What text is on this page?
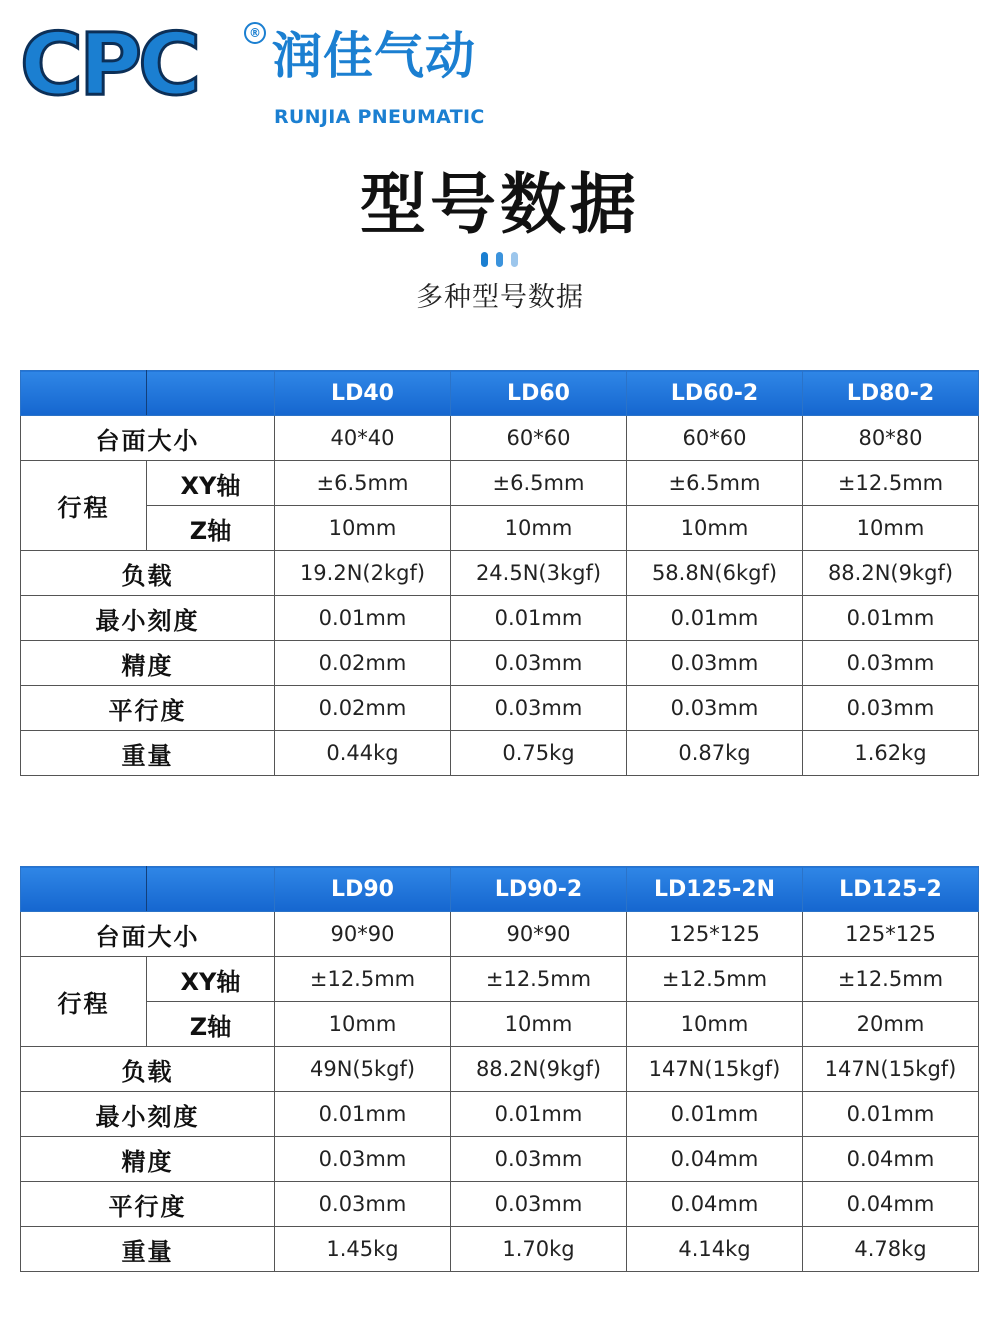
CPC	® 润佳气动
RUNJIA PNEUMATIC
型号数据
多种型号数据
		LD40	LD60	LD60-2	LD80-2
台面大小		40*40	60*60	60*60	80*80
行程	XY轴	±6.5mm	±6.5mm	±6.5mm	±12.5mm
	Z轴	10mm	10mm	10mm	10mm
负载		19.2N(2kgf)	24.5N(3kgf)	58.8N(6kgf)	88.2N(9kgf)
最小刻度		0.01mm	0.01mm	0.01mm	0.01mm
精度		0.02mm	0.03mm	0.03mm	0.03mm
平行度		0.02mm	0.03mm	0.03mm	0.03mm
重量		0.44kg	0.75kg	0.87kg	1.62kg
		LD90	LD90-2	LD125-2N	LD125-2
台面大小		90*90	90*90	125*125	125*125
行程	XY轴	±12.5mm	±12.5mm	±12.5mm	±12.5mm
	Z轴	10mm	10mm	10mm	20mm
负载		49N(5kgf)	88.2N(9kgf)	147N(15kgf)	147N(15kgf)
最小刻度		0.01mm	0.01mm	0.01mm	0.01mm
精度		0.03mm	0.03mm	0.04mm	0.04mm
平行度		0.03mm	0.03mm	0.04mm	0.04mm
重量		1.45kg	1.70kg	4.14kg	4.78kg
